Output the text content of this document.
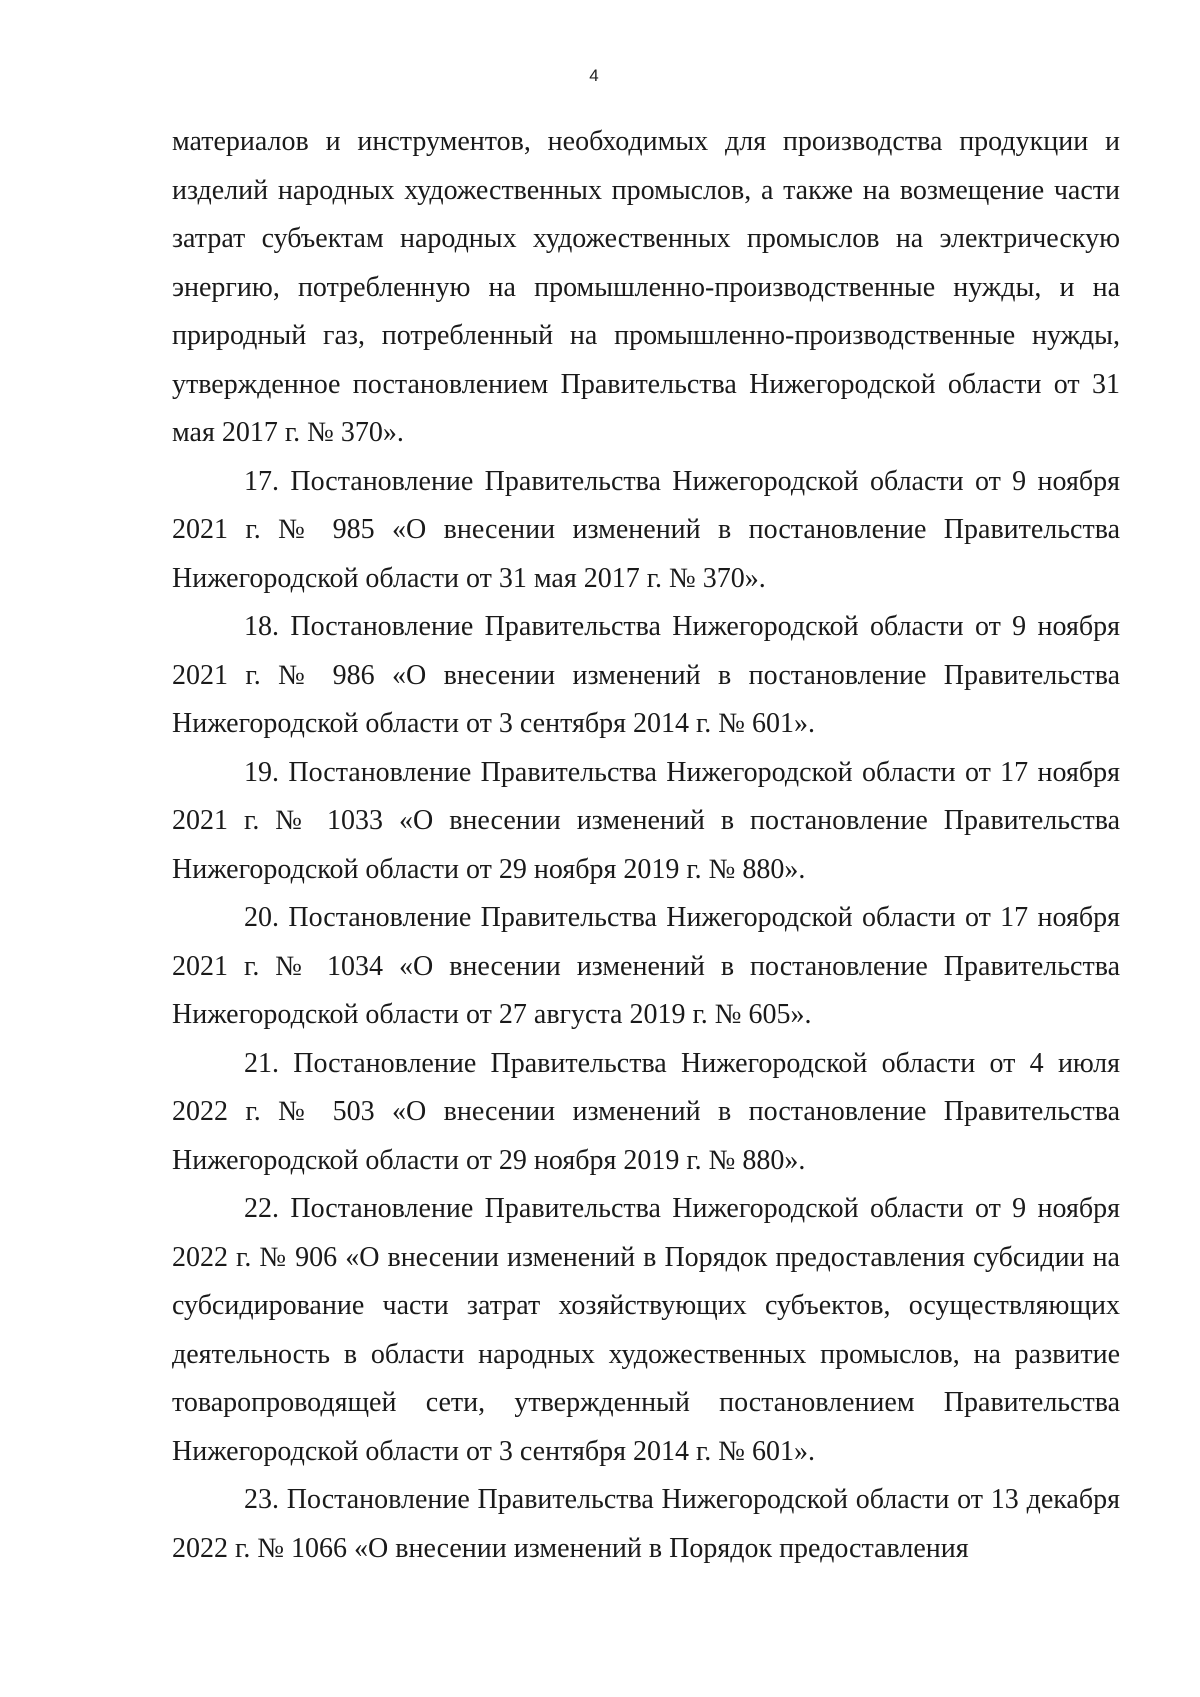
4

материалов и инструментов, необходимых для производства продукции и изделий народных художественных промыслов, а также на возмещение части затрат субъектам народных художественных промыслов на электрическую энергию, потребленную на промышленно-производственные нужды, и на природный газ, потребленный на промышленно-производственные нужды, утвержденное постановлением Правительства Нижегородской области от 31 мая 2017 г. № 370».

17. Постановление Правительства Нижегородской области от 9 ноября 2021 г. № 985 «О внесении изменений в постановление Правительства Нижегородской области от 31 мая 2017 г. № 370».

18. Постановление Правительства Нижегородской области от 9 ноября 2021 г. № 986 «О внесении изменений в постановление Правительства Нижегородской области от 3 сентября 2014 г. № 601».

19. Постановление Правительства Нижегородской области от 17 ноября 2021 г. № 1033 «О внесении изменений в постановление Правительства Нижегородской области от 29 ноября 2019 г. № 880».

20. Постановление Правительства Нижегородской области от 17 ноября 2021 г. № 1034 «О внесении изменений в постановление Правительства Нижегородской области от 27 августа 2019 г. № 605».

21. Постановление Правительства Нижегородской области от 4 июля 2022 г. № 503 «О внесении изменений в постановление Правительства Нижегородской области от 29 ноября 2019 г. № 880».

22. Постановление Правительства Нижегородской области от 9 ноября 2022 г. № 906 «О внесении изменений в Порядок предоставления субсидии на субсидирование части затрат хозяйствующих субъектов, осуществляющих деятельность в области народных художественных промыслов, на развитие товаропроводящей сети, утвержденный постановлением Правительства Нижегородской области от 3 сентября 2014 г. № 601».

23. Постановление Правительства Нижегородской области от 13 декабря 2022 г. № 1066 «О внесении изменений в Порядок предоставления
